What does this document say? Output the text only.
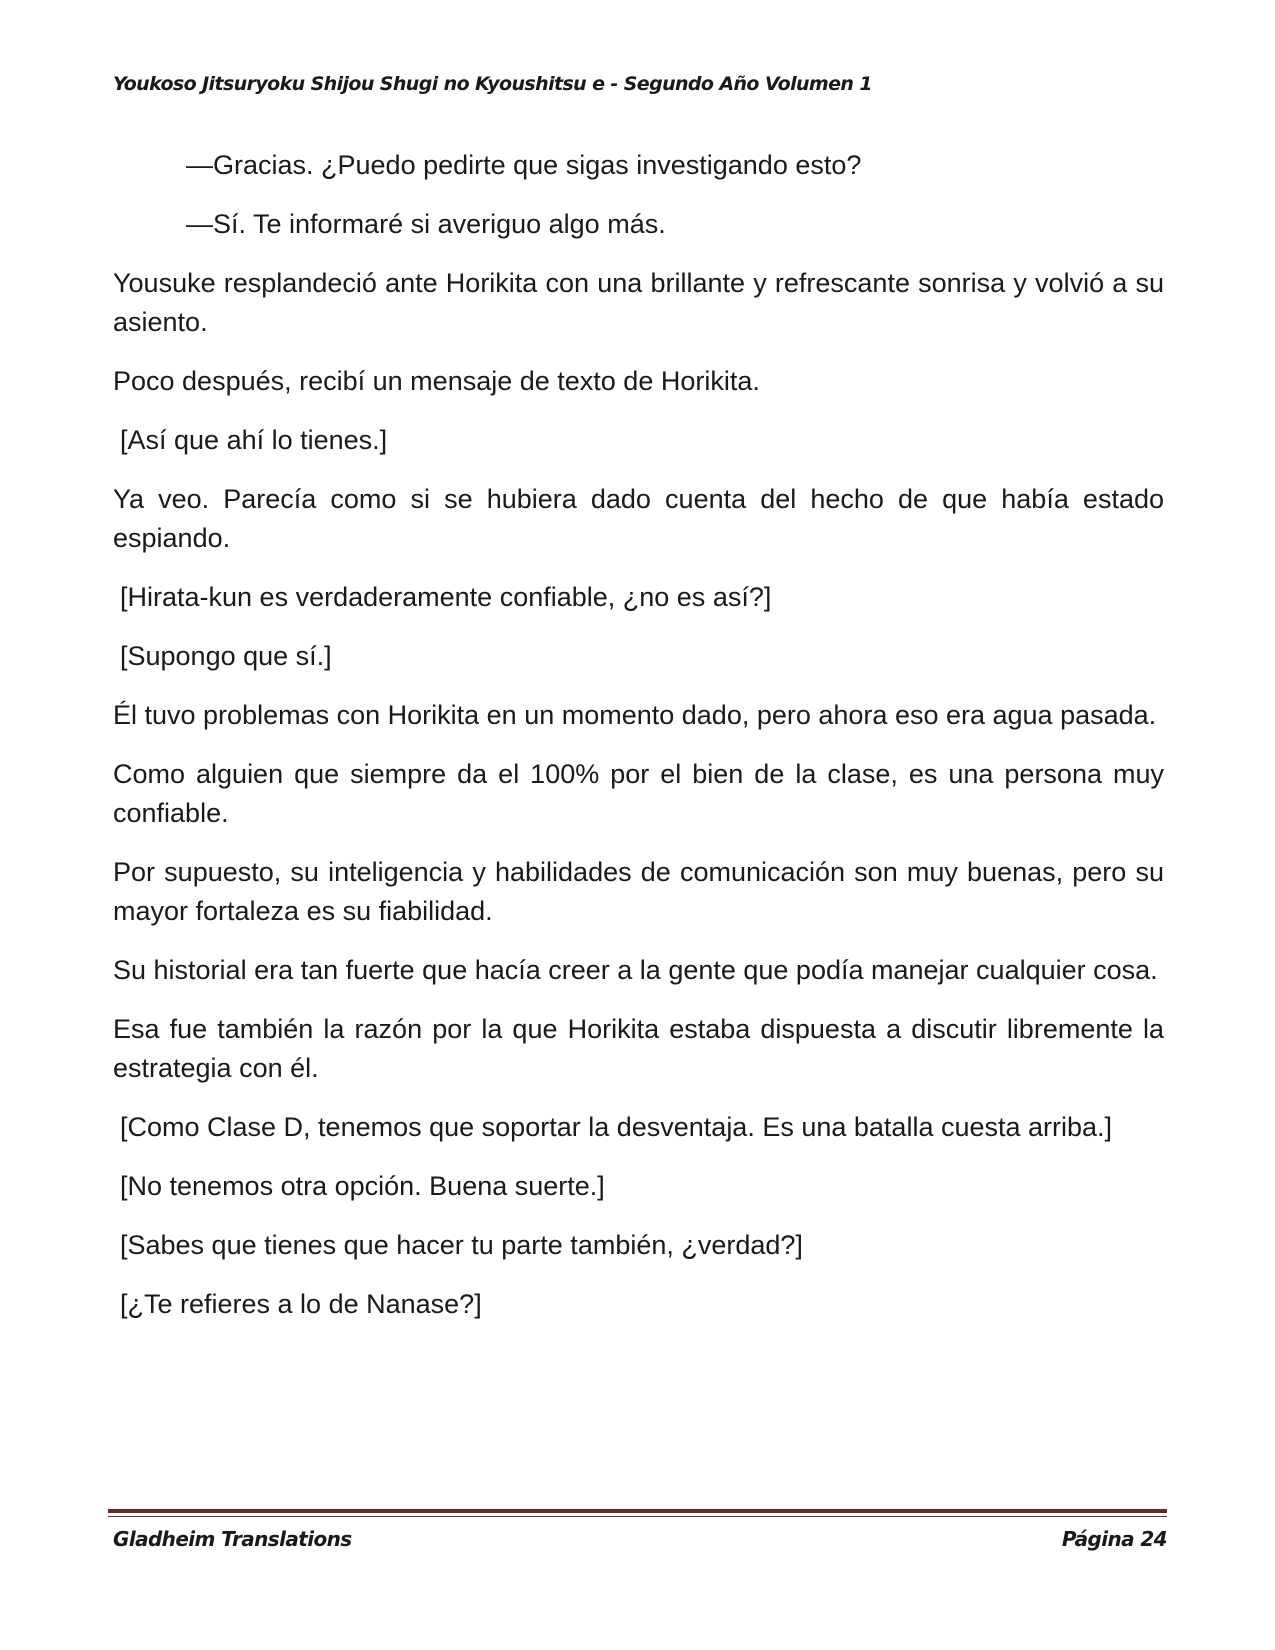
Youkoso Jitsuryoku Shijou Shugi no Kyoushitsu e - Segundo Año Volumen 1

—Gracias. ¿Puedo pedirte que sigas investigando esto?

—Sí. Te informaré si averiguo algo más.

Yousuke resplandeció ante Horikita con una brillante y refrescante sonrisa y volvió a su asiento.

Poco después, recibí un mensaje de texto de Horikita.

[Así que ahí lo tienes.]

Ya veo. Parecía como si se hubiera dado cuenta del hecho de que había estado espiando.

[Hirata-kun es verdaderamente confiable, ¿no es así?]

[Supongo que sí.]

Él tuvo problemas con Horikita en un momento dado, pero ahora eso era agua pasada.

Como alguien que siempre da el 100% por el bien de la clase, es una persona muy confiable.

Por supuesto, su inteligencia y habilidades de comunicación son muy buenas, pero su mayor fortaleza es su fiabilidad.

Su historial era tan fuerte que hacía creer a la gente que podía manejar cualquier cosa.

Esa fue también la razón por la que Horikita estaba dispuesta a discutir libremente la estrategia con él.

[Como Clase D, tenemos que soportar la desventaja. Es una batalla cuesta arriba.]

[No tenemos otra opción. Buena suerte.]

[Sabes que tienes que hacer tu parte también, ¿verdad?]

[¿Te refieres a lo de Nanase?]

Gladheim Translations	Página 24
